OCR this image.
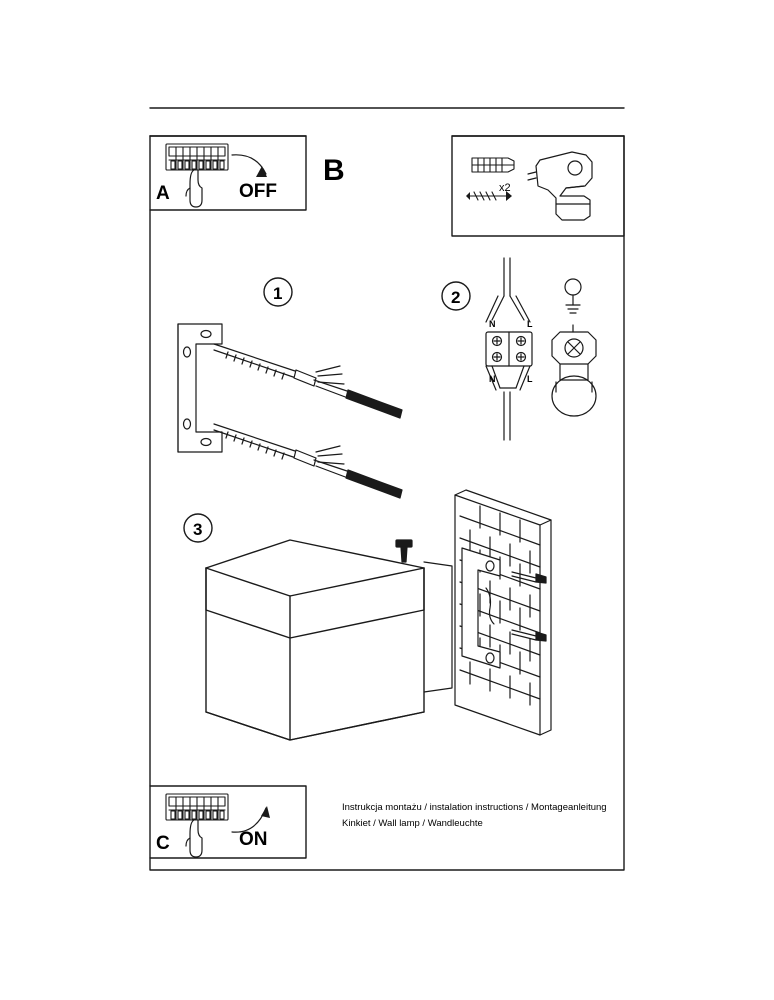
A	OFF
B
x2
C	ON
1	2
3
N	L
N	L
Instrukcja montażu / instalation instructions / Montageanleitung
Kinkiet / Wall lamp / Wandleuchte
